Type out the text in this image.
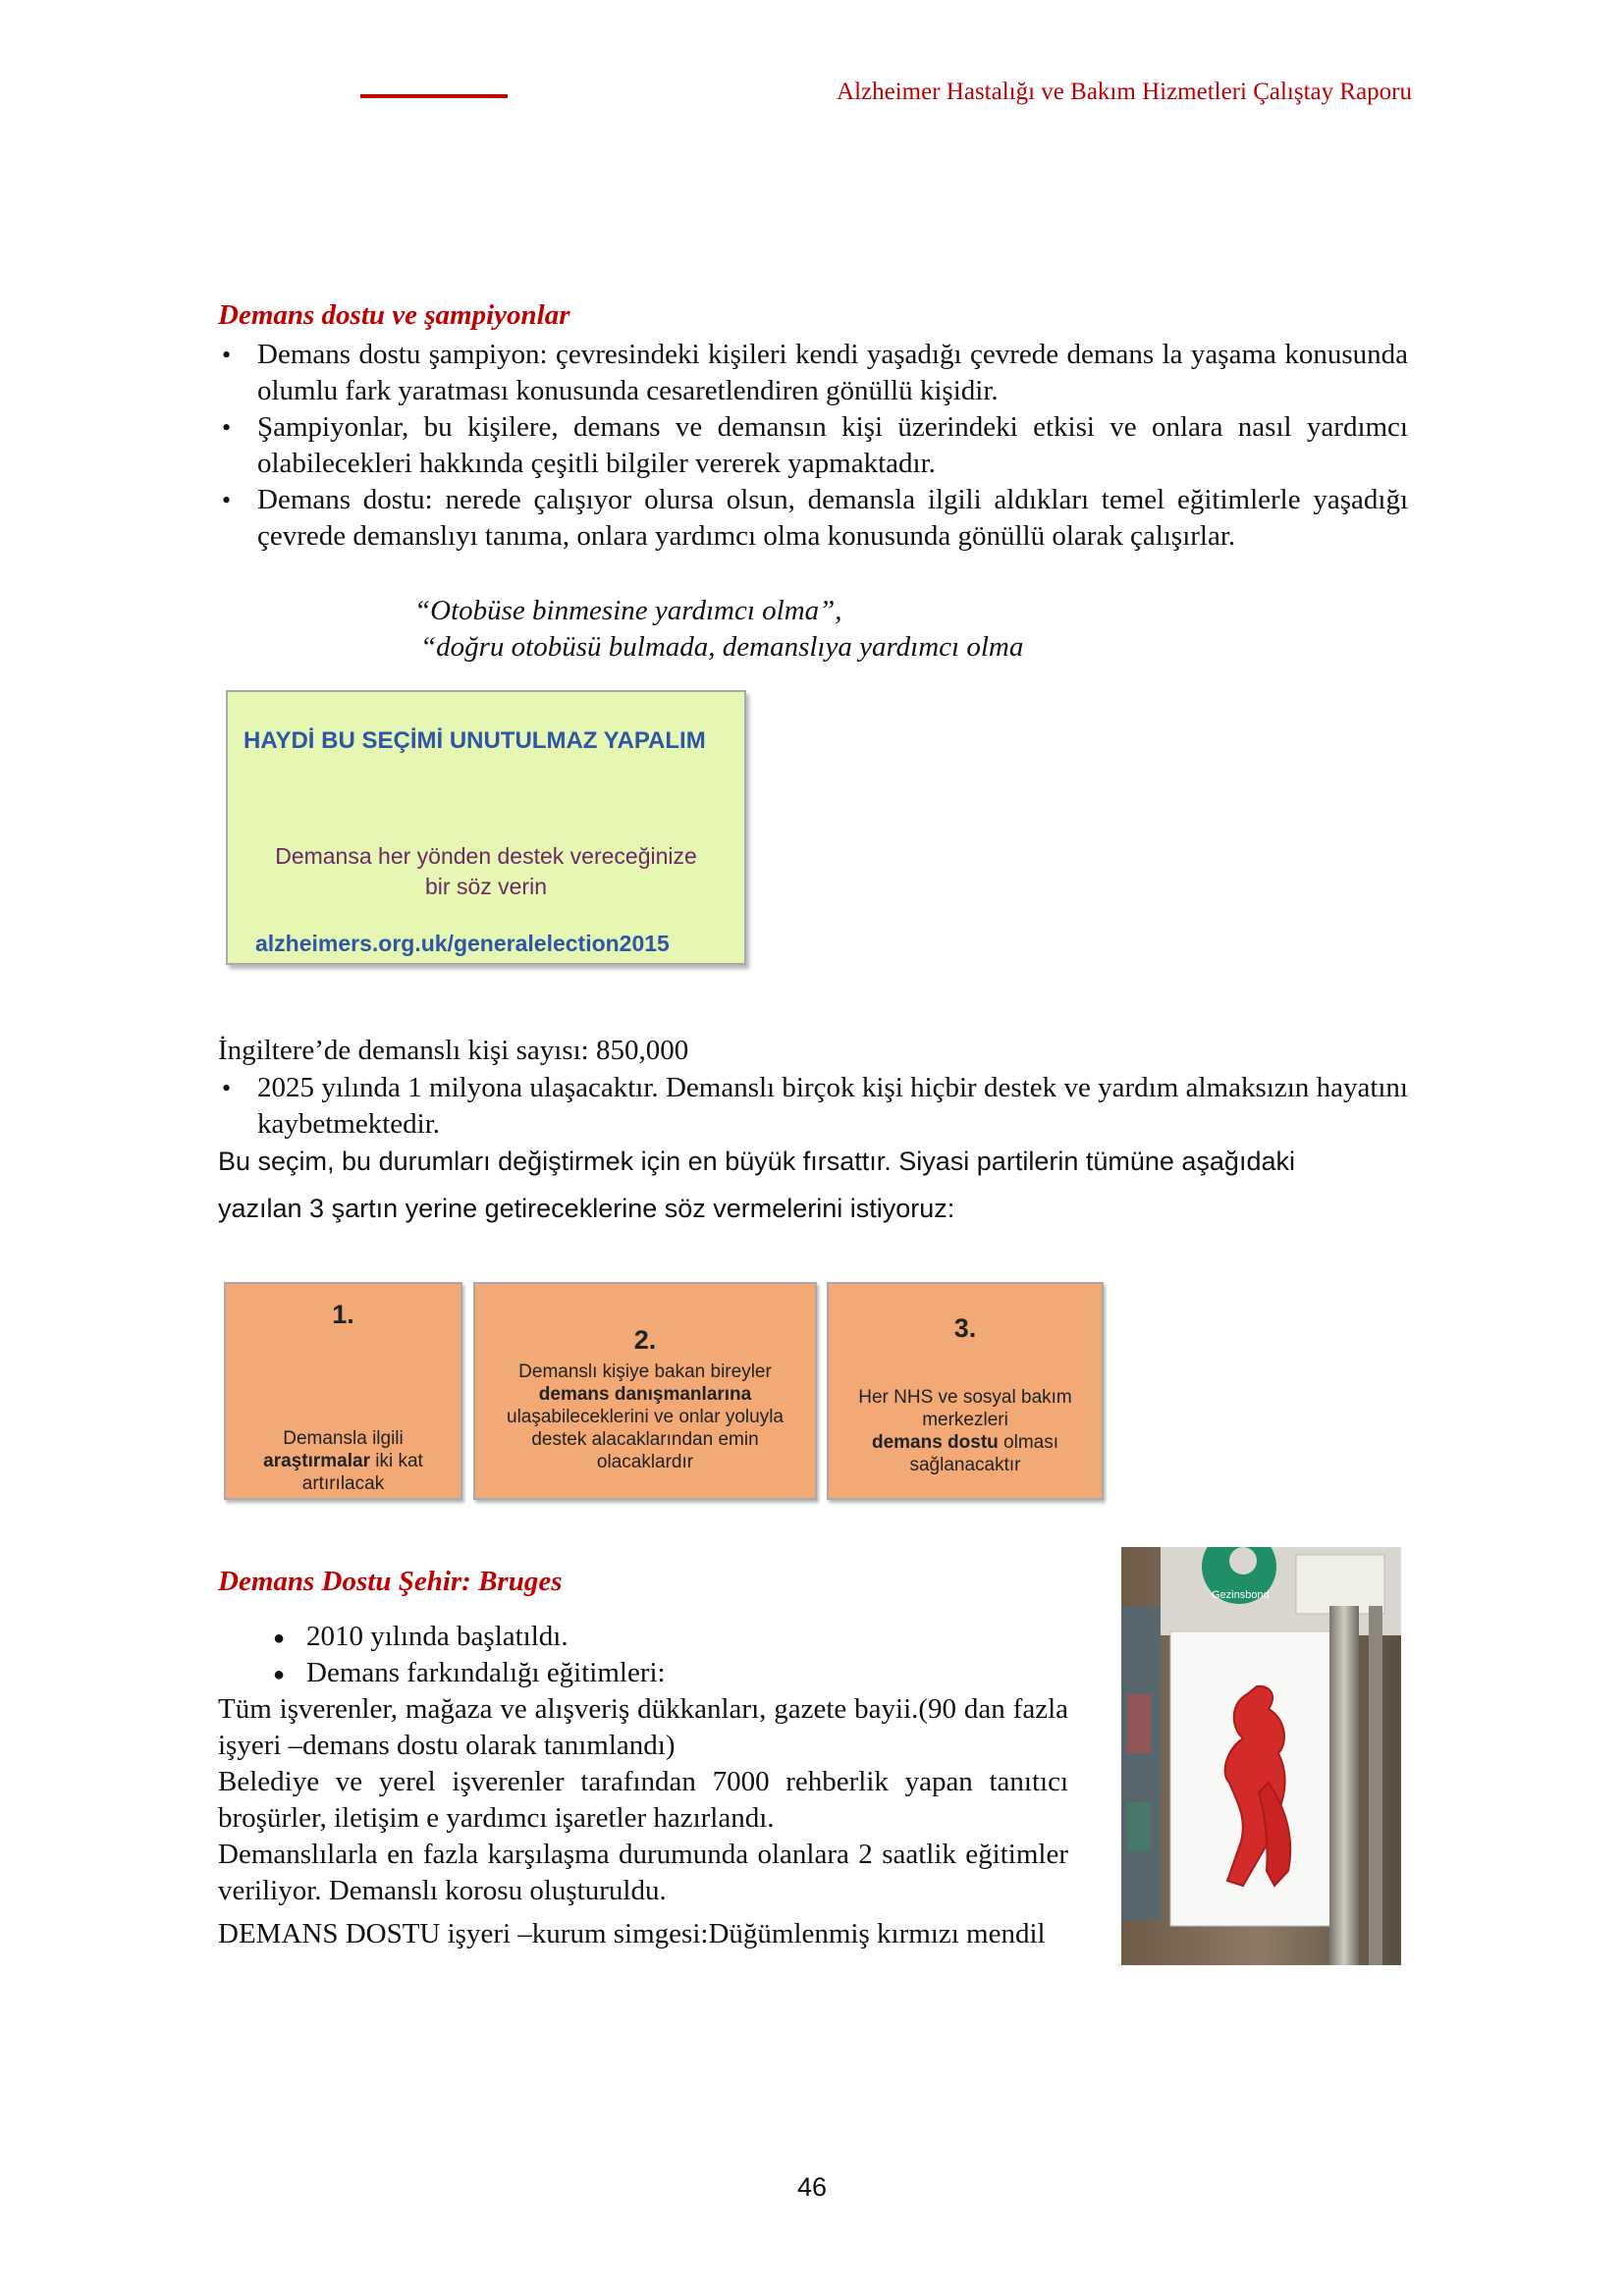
Alzheimer Hastalığı ve Bakım Hizmetleri Çalıştay Raporu
Demans dostu ve şampiyonlar
• Demans dostu şampiyon: çevresindeki kişileri kendi yaşadığı çevrede demans la yaşama konusunda olumlu fark yaratması konusunda cesaretlendiren gönüllü kişidir.
• Şampiyonlar, bu kişilere, demans ve demansın kişi üzerindeki etkisi ve onlara nasıl yardımcı olabilecekleri hakkında çeşitli bilgiler vererek yapmaktadır.
• Demans dostu: nerede çalışıyor olursa olsun, demansla ilgili aldıkları temel eğitimlerle yaşadığı çevrede demanslıyı tanıma, onlara yardımcı olma konusunda gönüllü olarak çalışırlar.
“Otobüse binmesine yardımcı olma”,
“doğru otobüsü bulmada, demanslıya yardımcı olma
HAYDİ BU SEÇİMİ UNUTULMAZ YAPALIM
Demansa her yönden destek vereceğinize
bir söz verin
alzheimers.org.uk/generalelection2015
İngiltere’de demanslı kişi sayısı: 850,000
• 2025 yılında 1 milyona ulaşacaktır. Demanslı birçok kişi hiçbir destek ve yardım almaksızın hayatını kaybetmektedir.
Bu seçim, bu durumları değiştirmek için en büyük fırsattır. Siyasi partilerin tümüne aşağıdaki
yazılan 3 şartın yerine getireceklerine söz vermelerini istiyoruz:
1.
Demansla ilgili
araştırmalar iki kat artırılacak
2.
Demanslı kişiye bakan bireyler
demans danışmanlarına
ulaşabileceklerini ve onlar yoluyla destek alacaklarından emin olacaklardır
3.
Her NHS ve sosyal bakım merkezleri
demans dostu olması sağlanacaktır
Demans Dostu Şehir: Bruges
● 2010 yılında başlatıldı.
● Demans farkındalığı eğitimleri:
Tüm işverenler, mağaza ve alışveriş dükkanları, gazete bayii.(90 dan fazla işyeri –demans dostu olarak tanımlandı)
Belediye ve yerel işverenler tarafından 7000 rehberlik yapan tanıtıcı broşürler, iletişim e yardımcı işaretler hazırlandı.
Demanslılarla en fazla karşılaşma durumunda olanlara 2 saatlik eğitimler veriliyor. Demanslı korosu oluşturuldu.
DEMANS DOSTU işyeri –kurum simgesi:Düğümlenmiş kırmızı mendil
Gezinsbond
46
